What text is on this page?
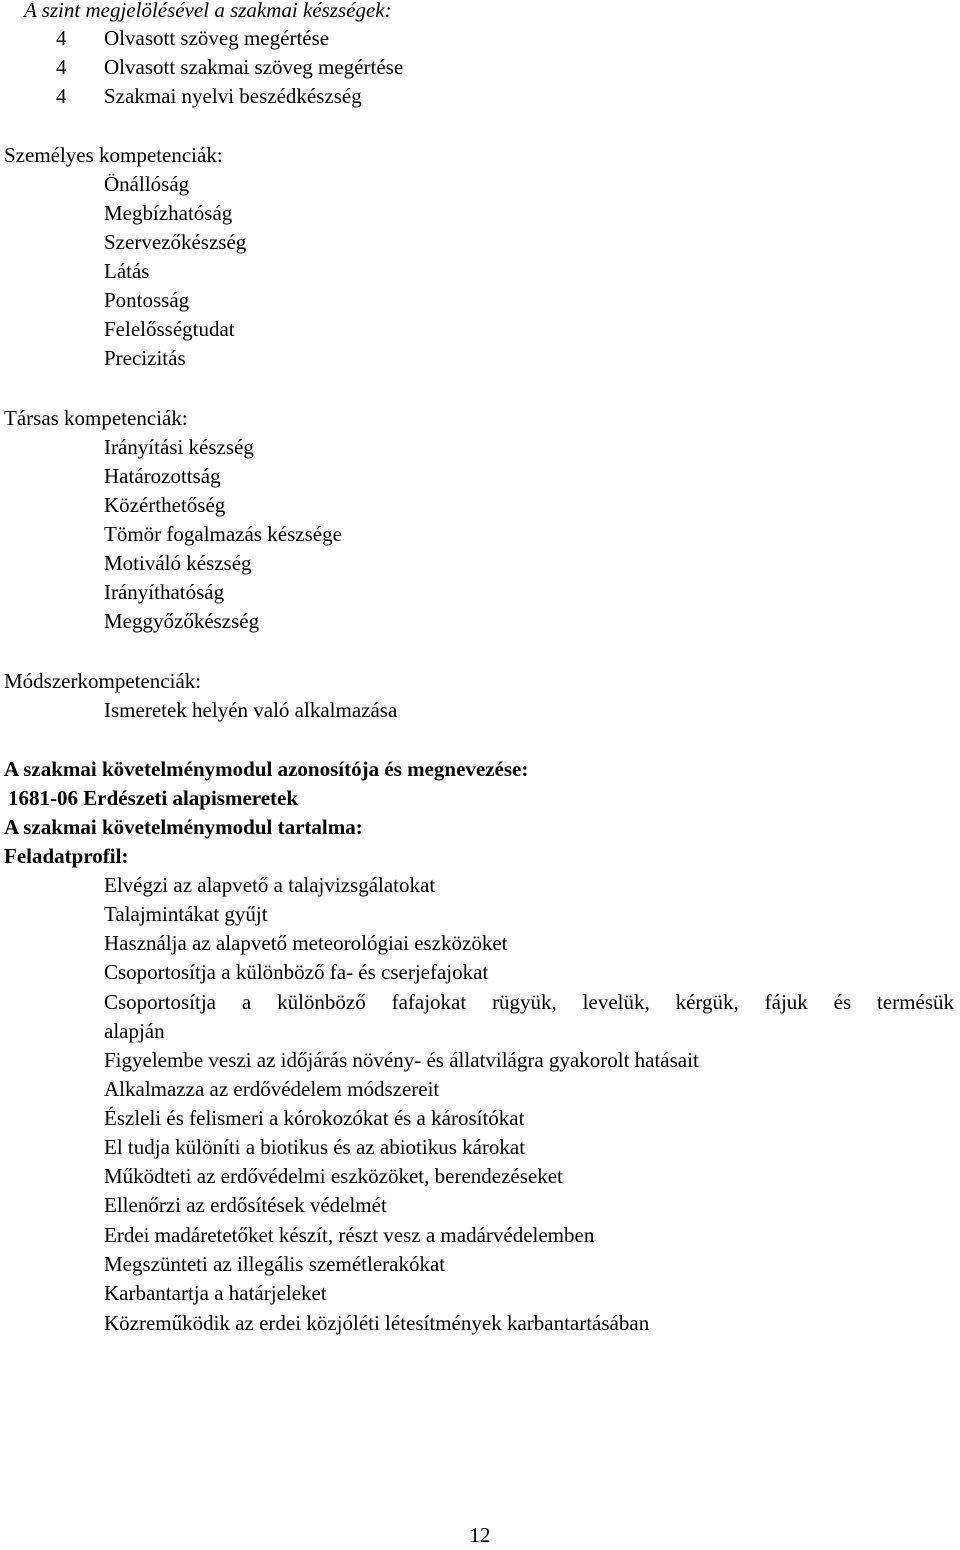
A szint megjelölésével a szakmai készségek:
4 Olvasott szöveg megértése
4 Olvasott szakmai szöveg megértése
4 Szakmai nyelvi beszédkészség
Személyes kompetenciák:
Önállóság
Megbízhatóság
Szervezőkészség
Látás
Pontosság
Felelősségtudat
Precizitás
Társas kompetenciák:
Irányítási készség
Határozottság
Közérthetőség
Tömör fogalmazás készsége
Motiváló készség
Irányíthatóság
Meggyőzőkészség
Módszerkompetenciák:
Ismeretek helyén való alkalmazása
A szakmai követelménymodul azonosítója és megnevezése:
1681-06 Erdészeti alapismeretek
A szakmai követelménymodul tartalma:
Feladatprofil:
Elvégzi az alapvető a talajvizsgálatokat
Talajmintákat gyűjt
Használja az alapvető meteorológiai eszközöket
Csoportosítja a különböző fa- és cserjefajokat
Csoportosítja a különböző fafajokat rügyük, levelük, kérgük, fájuk és termésük
alapján
Figyelembe veszi az időjárás növény- és állatvilágra gyakorolt hatásait
Alkalmazza az erdővédelem módszereit
Észleli és felismeri a kórokozókat és a károsítókat
El tudja különíti a biotikus és az abiotikus károkat
Működteti az erdővédelmi eszközöket, berendezéseket
Ellenőrzi az erdősítések védelmét
Erdei madáretetőket készít, részt vesz a madárvédelemben
Megszünteti az illegális szemétlerakókat
Karbantartja a határjeleket
Közreműködik az erdei közjóléti létesítmények karbantartásában
12
